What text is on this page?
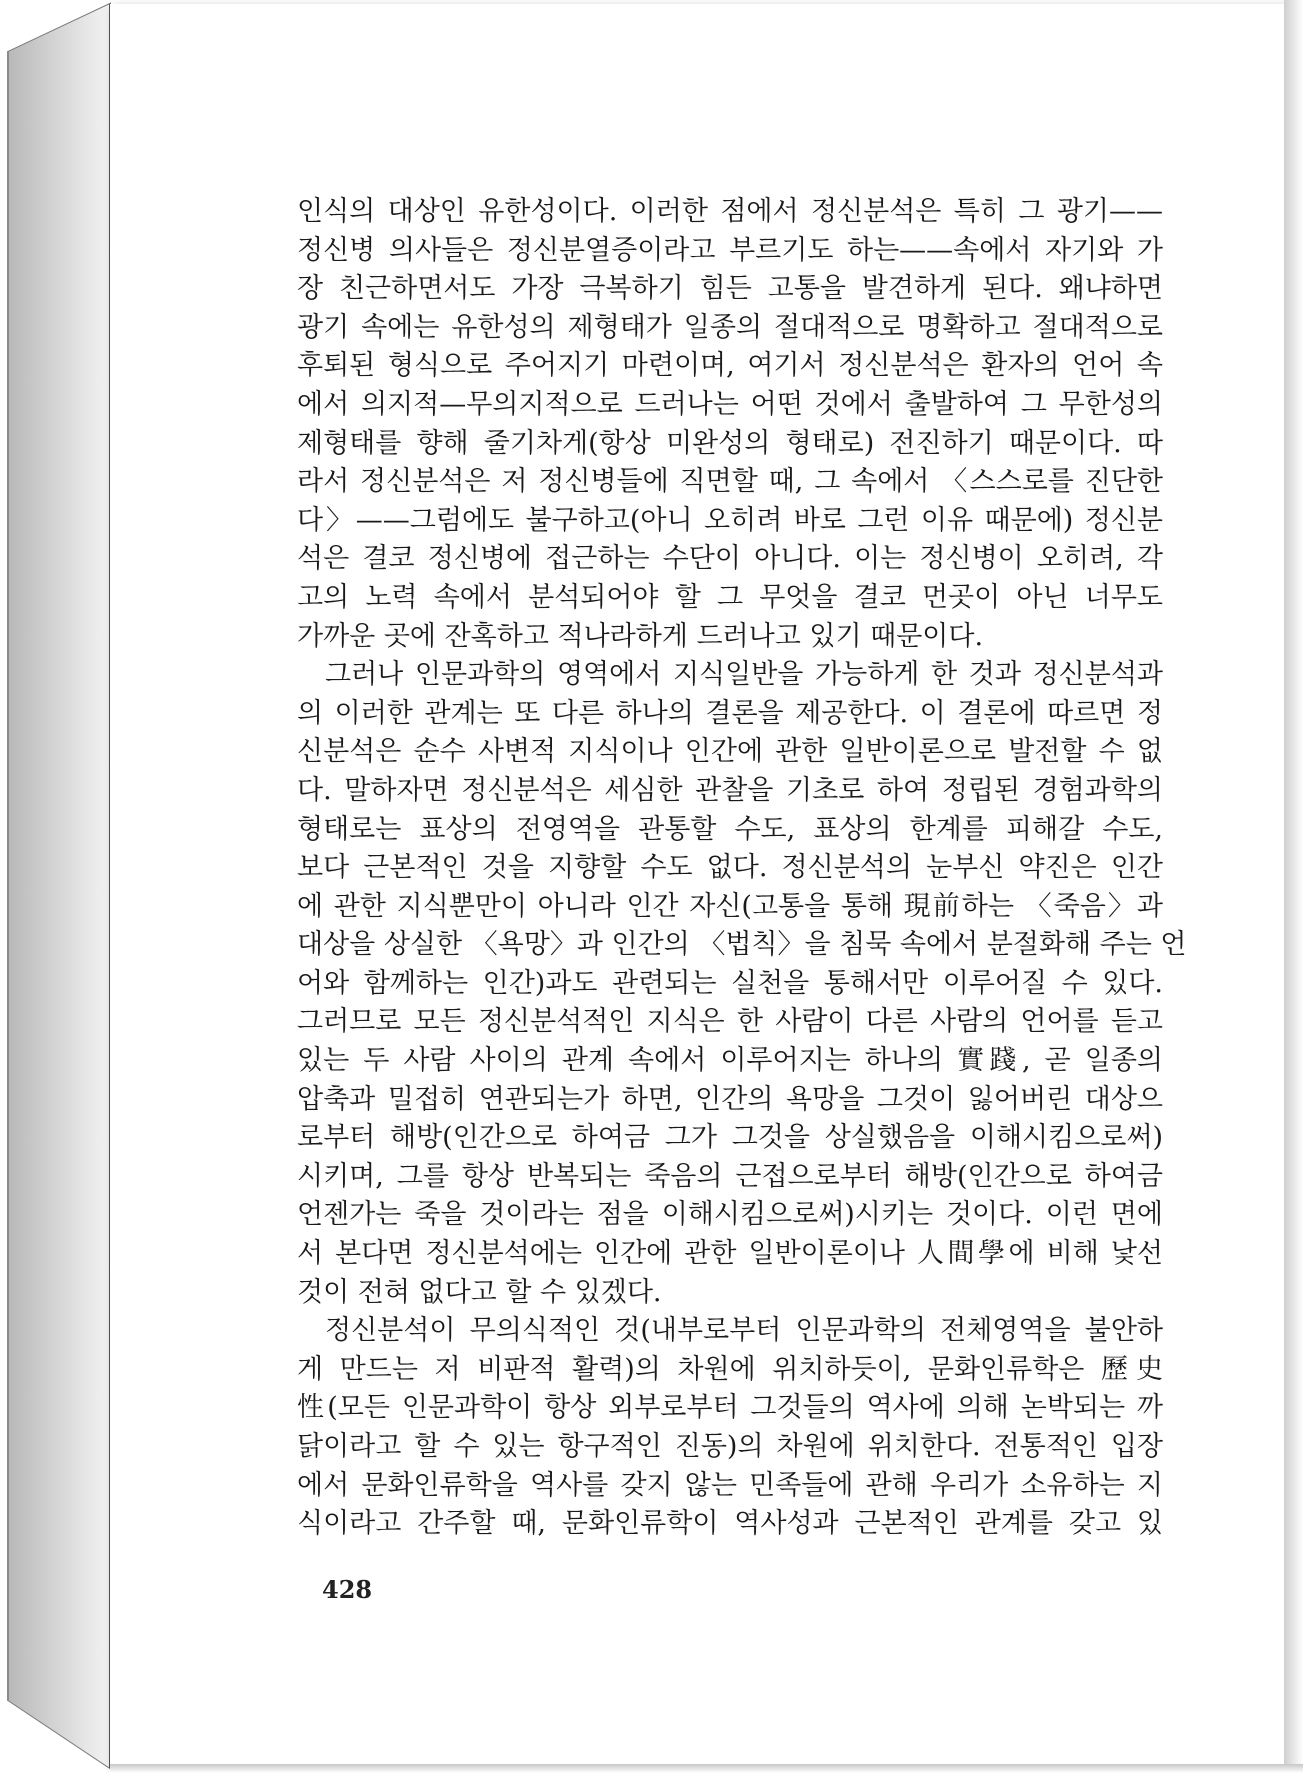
인식의 대상인 유한성이다. 이러한 점에서 정신분석은 특히 그 광기——
정신병 의사들은 정신분열증이라고 부르기도 하는——속에서 자기와 가
장 친근하면서도 가장 극복하기 힘든 고통을 발견하게 된다. 왜냐하면
광기 속에는 유한성의 제형태가 일종의 절대적으로 명확하고 절대적으로
후퇴된 형식으로 주어지기 마련이며, 여기서 정신분석은 환자의 언어 속
에서 의지적—무의지적으로 드러나는 어떤 것에서 출발하여 그 무한성의
제형태를 향해 줄기차게(항상 미완성의 형태로) 전진하기 때문이다. 따
라서 정신분석은 저 정신병들에 직면할 때, 그 속에서 〈스스로를 진단한
다〉——그럼에도 불구하고(아니 오히려 바로 그런 이유 때문에) 정신분
석은 결코 정신병에 접근하는 수단이 아니다. 이는 정신병이 오히려, 각
고의 노력 속에서 분석되어야 할 그 무엇을 결코 먼곳이 아닌 너무도
가까운 곳에 잔혹하고 적나라하게 드러나고 있기 때문이다.
그러나 인문과학의 영역에서 지식일반을 가능하게 한 것과 정신분석과
의 이러한 관계는 또 다른 하나의 결론을 제공한다. 이 결론에 따르면 정
신분석은 순수 사변적 지식이나 인간에 관한 일반이론으로 발전할 수 없
다. 말하자면 정신분석은 세심한 관찰을 기초로 하여 정립된 경험과학의
형태로는 표상의 전영역을 관통할 수도, 표상의 한계를 피해갈 수도,
보다 근본적인 것을 지향할 수도 없다. 정신분석의 눈부신 약진은 인간
에 관한 지식뿐만이 아니라 인간 자신(고통을 통해 現前하는 〈죽음〉과
대상을 상실한 〈욕망〉과 인간의 〈법칙〉을 침묵 속에서 분절화해 주는 언
어와 함께하는 인간)과도 관련되는 실천을 통해서만 이루어질 수 있다.
그러므로 모든 정신분석적인 지식은 한 사람이 다른 사람의 언어를 듣고
있는 두 사람 사이의 관계 속에서 이루어지는 하나의 實踐, 곧 일종의
압축과 밀접히 연관되는가 하면, 인간의 욕망을 그것이 잃어버린 대상으
로부터 해방(인간으로 하여금 그가 그것을 상실했음을 이해시킴으로써)
시키며, 그를 항상 반복되는 죽음의 근접으로부터 해방(인간으로 하여금
언젠가는 죽을 것이라는 점을 이해시킴으로써)시키는 것이다. 이런 면에
서 본다면 정신분석에는 인간에 관한 일반이론이나 人間學에 비해 낯선
것이 전혀 없다고 할 수 있겠다.
정신분석이 무의식적인 것(내부로부터 인문과학의 전체영역을 불안하
게 만드는 저 비판적 활력)의 차원에 위치하듯이, 문화인류학은 歷史
性(모든 인문과학이 항상 외부로부터 그것들의 역사에 의해 논박되는 까
닭이라고 할 수 있는 항구적인 진동)의 차원에 위치한다. 전통적인 입장
에서 문화인류학을 역사를 갖지 않는 민족들에 관해 우리가 소유하는 지
식이라고 간주할 때, 문화인류학이 역사성과 근본적인 관계를 갖고 있
428
